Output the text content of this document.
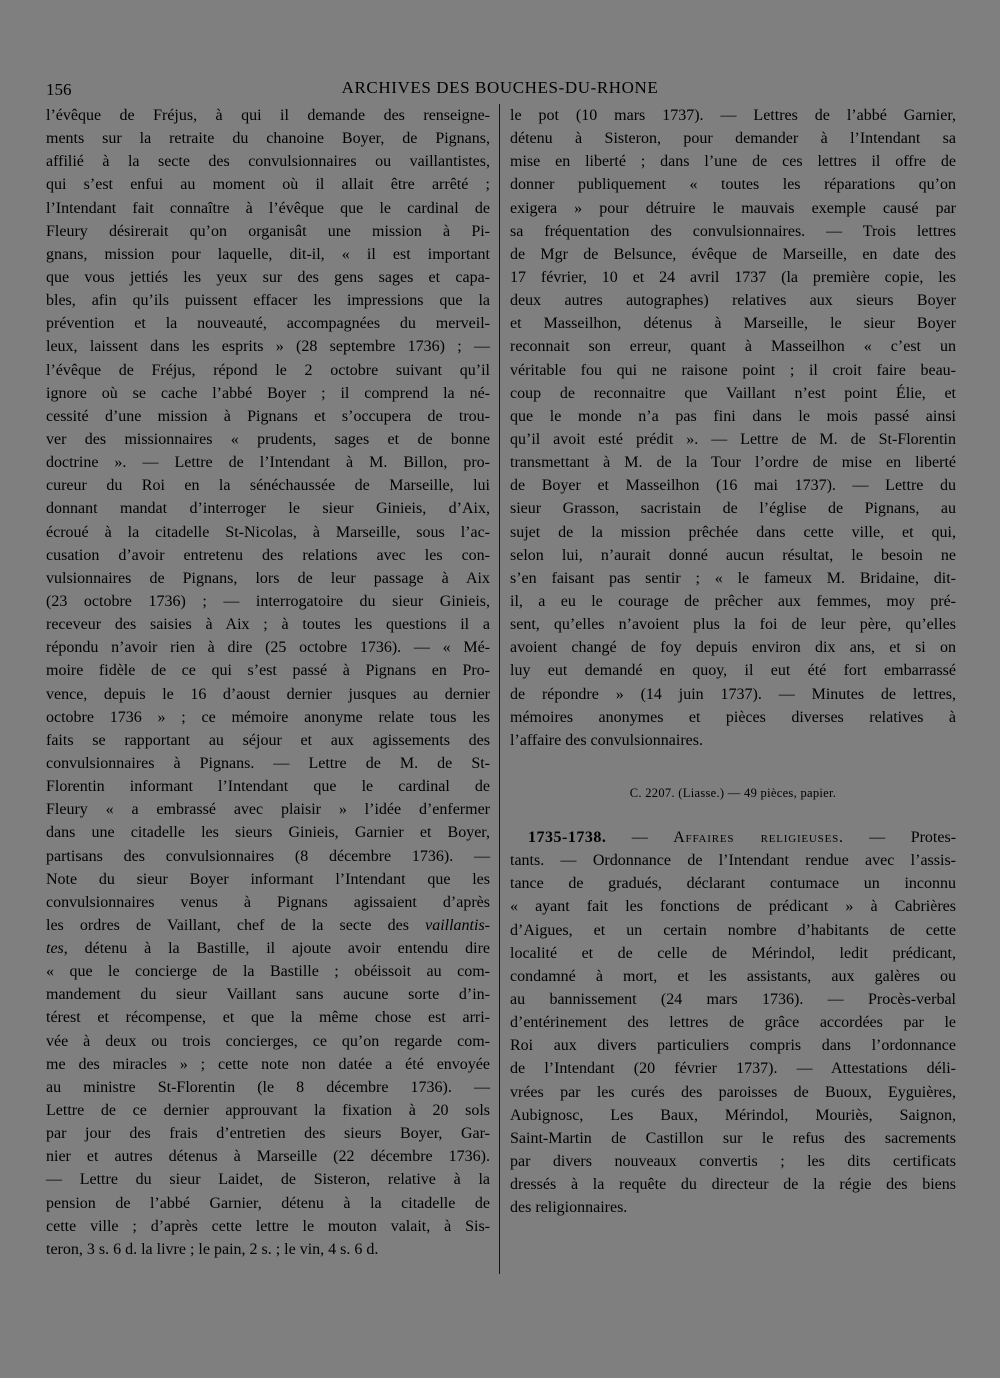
156	ARCHIVES DES BOUCHES-DU-RHONE
l’évêque de Fréjus, à qui il demande des renseigne-
ments sur la retraite du chanoine Boyer, de Pignans,
affilié à la secte des convulsionnaires ou vaillantistes,
qui s’est enfui au moment où il allait être arrêté ;
l’Intendant fait connaître à l’évêque que le cardinal de
Fleury désirerait qu’on organisât une mission à Pi-
gnans, mission pour laquelle, dit-il, « il est important
que vous jettiés les yeux sur des gens sages et capa-
bles, afin qu’ils puissent effacer les impressions que la
prévention et la nouveauté, accompagnées du merveil-
leux, laissent dans les esprits » (28 septembre 1736) ; —
l’évêque de Fréjus, répond le 2 octobre suivant qu’il
ignore où se cache l’abbé Boyer ; il comprend la né-
cessité d’une mission à Pignans et s’occupera de trou-
ver des missionnaires « prudents, sages et de bonne
doctrine ». — Lettre de l’Intendant à M. Billon, pro-
cureur du Roi en la sénéchaussée de Marseille, lui
donnant mandat d’interroger le sieur Ginieis, d’Aix,
écroué à la citadelle St-Nicolas, à Marseille, sous l’ac-
cusation d’avoir entretenu des relations avec les con-
vulsionnaires de Pignans, lors de leur passage à Aix
(23 octobre 1736) ; — interrogatoire du sieur Ginieis,
receveur des saisies à Aix ; à toutes les questions il a
répondu n’avoir rien à dire (25 octobre 1736). — « Mé-
moire fidèle de ce qui s’est passé à Pignans en Pro-
vence, depuis le 16 d’aoust dernier jusques au dernier
octobre 1736 » ; ce mémoire anonyme relate tous les
faits se rapportant au séjour et aux agissements des
convulsionnaires à Pignans. — Lettre de M. de St-
Florentin informant l’Intendant que le cardinal de
Fleury « a embrassé avec plaisir » l’idée d’enfermer
dans une citadelle les sieurs Ginieis, Garnier et Boyer,
partisans des convulsionnaires (8 décembre 1736). —
Note du sieur Boyer informant l’Intendant que les
convulsionnaires venus à Pignans agissaient d’après
les ordres de Vaillant, chef de la secte des vaillantis-
tes, détenu à la Bastille, il ajoute avoir entendu dire
« que le concierge de la Bastille ; obéissoit au com-
mandement du sieur Vaillant sans aucune sorte d’in-
térest et récompense, et que la même chose est arri-
vée à deux ou trois concierges, ce qu’on regarde com-
me des miracles » ; cette note non datée a été envoyée
au ministre St-Florentin (le 8 décembre 1736). —
Lettre de ce dernier approuvant la fixation à 20 sols
par jour des frais d’entretien des sieurs Boyer, Gar-
nier et autres détenus à Marseille (22 décembre 1736).
— Lettre du sieur Laidet, de Sisteron, relative à la
pension de l’abbé Garnier, détenu à la citadelle de
cette ville ; d’après cette lettre le mouton valait, à Sis-
teron, 3 s. 6 d. la livre ; le pain, 2 s. ; le vin, 4 s. 6 d.
le pot (10 mars 1737). — Lettres de l’abbé Garnier,
détenu à Sisteron, pour demander à l’Intendant sa
mise en liberté ; dans l’une de ces lettres il offre de
donner publiquement « toutes les réparations qu’on
exigera » pour détruire le mauvais exemple causé par
sa fréquentation des convulsionnaires. — Trois lettres
de Mgr de Belsunce, évêque de Marseille, en date des
17 février, 10 et 24 avril 1737 (la première copie, les
deux autres autographes) relatives aux sieurs Boyer
et Masseilhon, détenus à Marseille, le sieur Boyer
reconnait son erreur, quant à Masseilhon « c’est un
véritable fou qui ne raisone point ; il croit faire beau-
coup de reconnaitre que Vaillant n’est point Élie, et
que le monde n’a pas fini dans le mois passé ainsi
qu’il avoit esté prédit ». — Lettre de M. de St-Florentin
transmettant à M. de la Tour l’ordre de mise en liberté
de Boyer et Masseilhon (16 mai 1737). — Lettre du
sieur Grasson, sacristain de l’église de Pignans, au
sujet de la mission prêchée dans cette ville, et qui,
selon lui, n’aurait donné aucun résultat, le besoin ne
s’en faisant pas sentir ; « le fameux M. Bridaine, dit-
il, a eu le courage de prêcher aux femmes, moy pré-
sent, qu’elles n’avoient plus la foi de leur père, qu’elles
avoient changé de foy depuis environ dix ans, et si on
luy eut demandé en quoy, il eut été fort embarrassé
de répondre » (14 juin 1737). — Minutes de lettres,
mémoires anonymes et pièces diverses relatives à
l’affaire des convulsionnaires.
C. 2207. (Liasse.) — 49 pièces, papier.
1735-1738. — Affaires religieuses. — Protes-
tants. — Ordonnance de l’Intendant rendue avec l’assis-
tance de gradués, déclarant contumace un inconnu
« ayant fait les fonctions de prédicant » à Cabrières
d’Aigues, et un certain nombre d’habitants de cette
localité et de celle de Mérindol, ledit prédicant,
condamné à mort, et les assistants, aux galères ou
au bannissement (24 mars 1736). — Procès-verbal
d’entérinement des lettres de grâce accordées par le
Roi aux divers particuliers compris dans l’ordonnance
de l’Intendant (20 février 1737). — Attestations déli-
vrées par les curés des paroisses de Buoux, Eyguières,
Aubignosc, Les Baux, Mérindol, Mouriès, Saignon,
Saint-Martin de Castillon sur le refus des sacrements
par divers nouveaux convertis ; les dits certificats
dressés à la requête du directeur de la régie des biens
des religionnaires.
